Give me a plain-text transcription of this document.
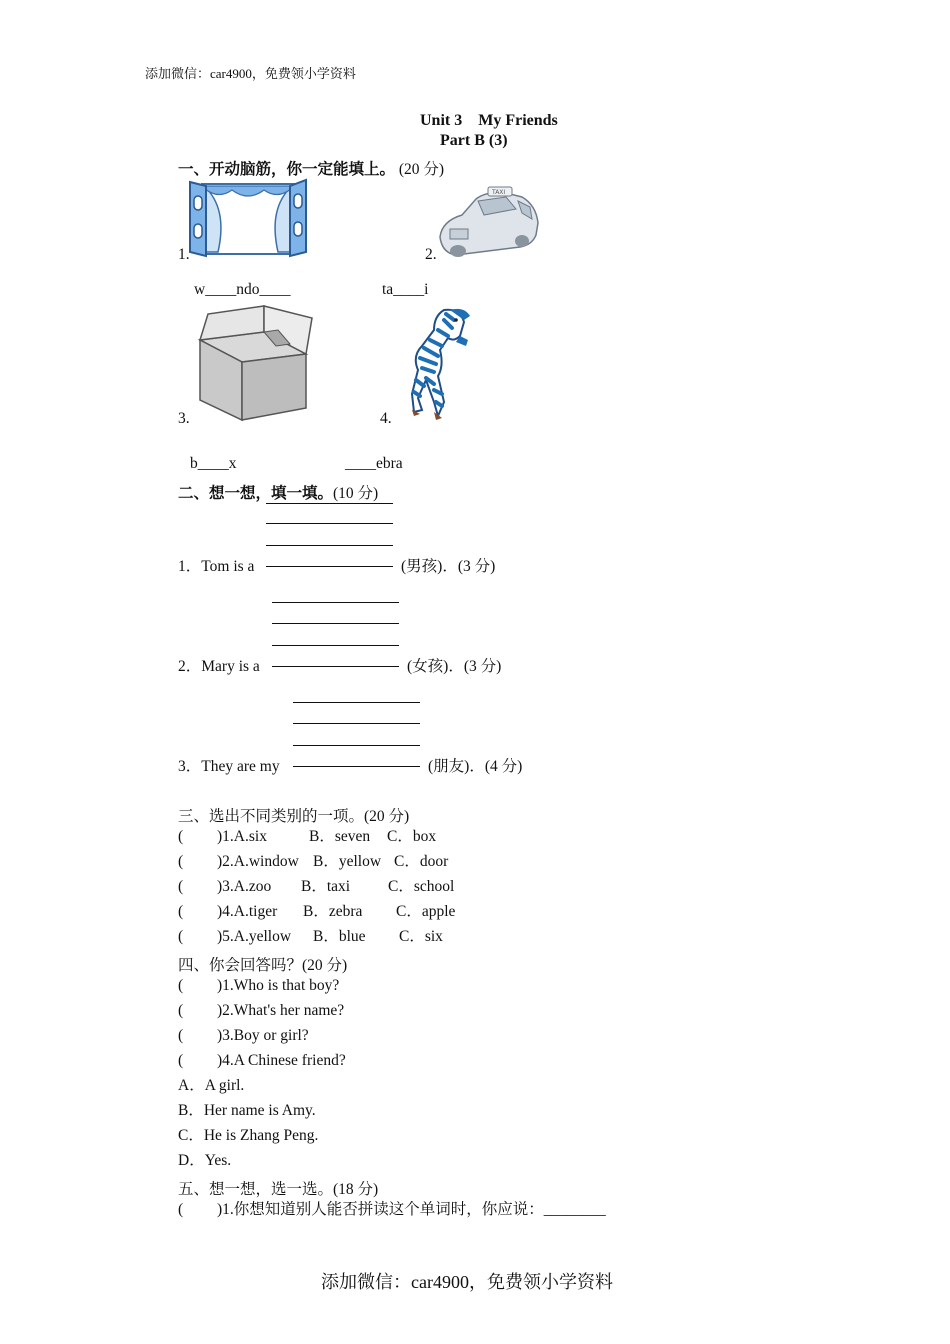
添加微信：car4900，免费领小学资料
Unit 3　My Friends
Part B (3)
一、开动脑筋，你一定能填上。 (20 分)
1.
TAXI
2.
w____ndo____	ta____i
3.	4.
b____x	____ebra
二、想一想，填一填。(10 分)
1．Tom is a	(男孩)．(3 分)
2．Mary is a	(女孩)．(3 分)
3．They are my	(朋友)．(4 分)
三、选出不同类别的一项。(20 分)
( )1.A.six	B．seven C．box
( )2.A.window B．yellow C．door
( )3.A.zoo B．taxi C．school
( )4.A.tiger B．zebra C．apple
( )5.A.yellow B．blue C．six
四、你会回答吗？(20 分)
( )1.Who is that boy?
( )2.What's her name?
( )3.Boy or girl?
( )4.A Chinese friend?
A．A girl.
B．Her name is Amy.
C．He is Zhang Peng.
D．Yes.
五、想一想，选一选。(18 分)
( )1.你想知道别人能否拼读这个单词时，你应说：________
添加微信：car4900，免费领小学资料
